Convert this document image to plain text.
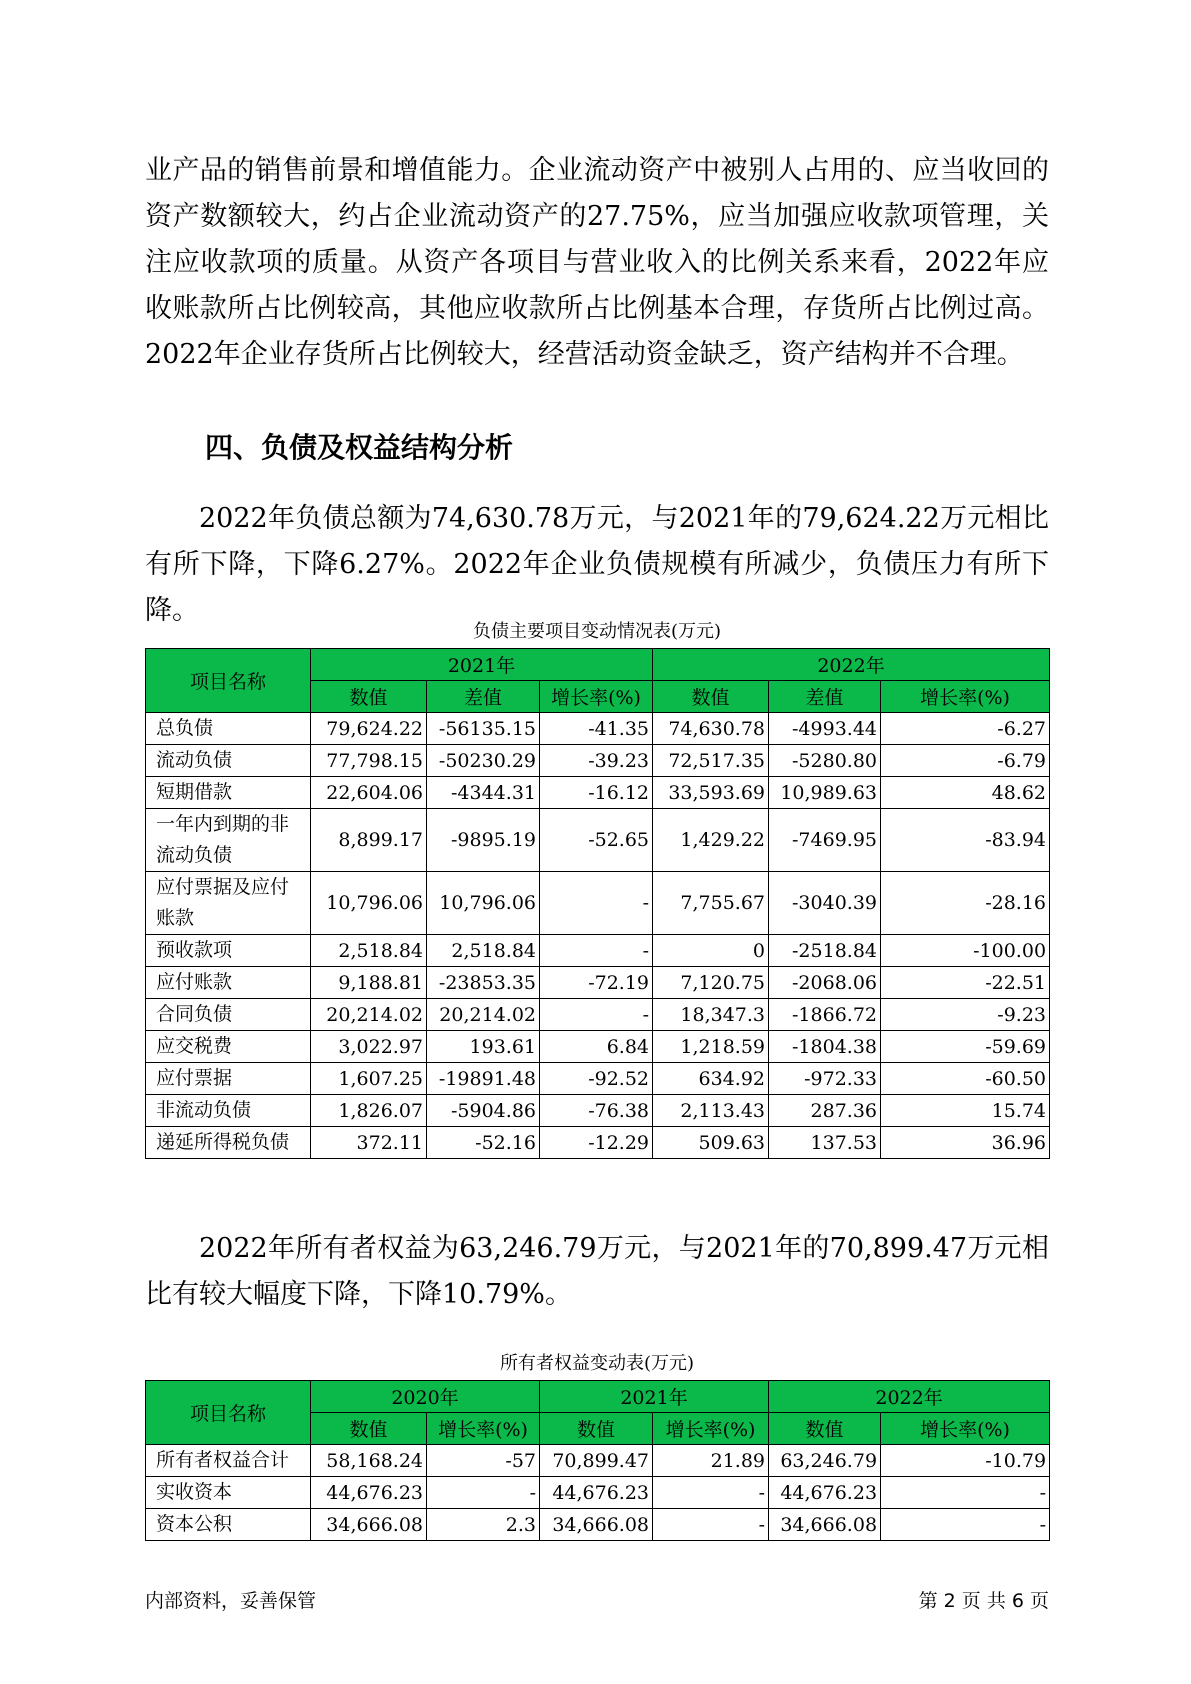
业产品的销售前景和增值能力。企业流动资产中被别人占用的、应当收回的资产数额较大，约占企业流动资产的27.75%，应当加强应收款项管理，关注应收款项的质量。从资产各项目与营业收入的比例关系来看，2022年应收账款所占比例较高，其他应收款所占比例基本合理，存货所占比例过高。2022年企业存货所占比例较大，经营活动资金缺乏，资产结构并不合理。

四、负债及权益结构分析

2022年负债总额为74,630.78万元，与2021年的79,624.22万元相比有所下降，下降6.27%。2022年企业负债规模有所减少，负债压力有所下降。

负债主要项目变动情况表(万元)
项目名称	2021年			2022年		
	数值	差值	增长率(%)	数值	差值	增长率(%)
总负债	79,624.22	-56135.15	-41.35	74,630.78	-4993.44	-6.27
流动负债	77,798.15	-50230.29	-39.23	72,517.35	-5280.80	-6.79
短期借款	22,604.06	-4344.31	-16.12	33,593.69	10,989.63	48.62
一年内到期的非流动负债	8,899.17	-9895.19	-52.65	1,429.22	-7469.95	-83.94
应付票据及应付账款	10,796.06	10,796.06	-	7,755.67	-3040.39	-28.16
预收款项	2,518.84	2,518.84	-	0	-2518.84	-100.00
应付账款	9,188.81	-23853.35	-72.19	7,120.75	-2068.06	-22.51
合同负债	20,214.02	20,214.02	-	18,347.3	-1866.72	-9.23
应交税费	3,022.97	193.61	6.84	1,218.59	-1804.38	-59.69
应付票据	1,607.25	-19891.48	-92.52	634.92	-972.33	-60.50
非流动负债	1,826.07	-5904.86	-76.38	2,113.43	287.36	15.74
递延所得税负债	372.11	-52.16	-12.29	509.63	137.53	36.96

2022年所有者权益为63,246.79万元，与2021年的70,899.47万元相比有较大幅度下降，下降10.79%。

所有者权益变动表(万元)
项目名称	2020年		2021年		2022年	
	数值	增长率(%)	数值	增长率(%)	数值	增长率(%)
所有者权益合计	58,168.24	-57	70,899.47	21.89	63,246.79	-10.79
实收资本	44,676.23	-	44,676.23	-	44,676.23	-
资本公积	34,666.08	2.3	34,666.08	-	34,666.08	-
内部资料，妥善保管	第 2 页 共 6 页
